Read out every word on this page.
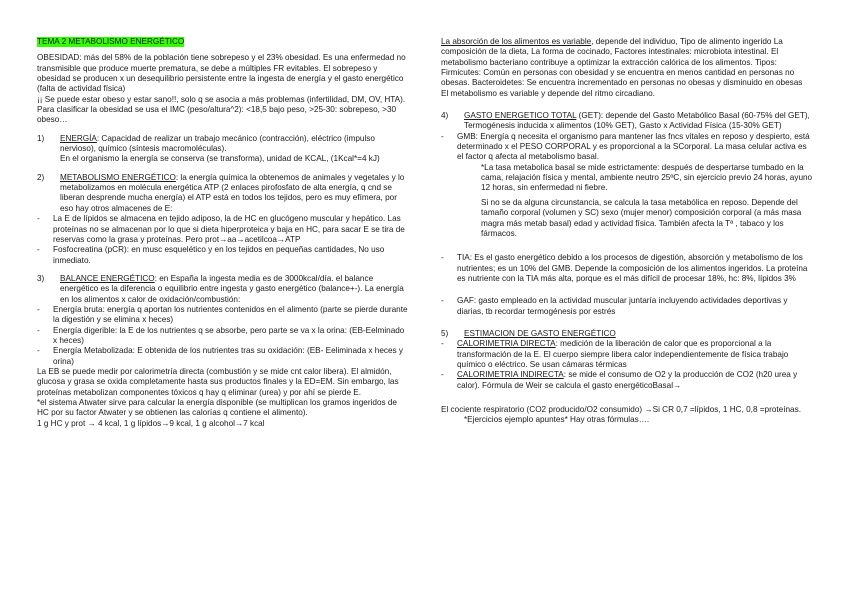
TEMA 2 METABOLISMO ENERGÉTICO

OBESIDAD: más del 58% de la población tiene sobrepeso y el 23% obesidad. Es una enfermedad no transmisible que produce muerte prematura, se debe a múltiples FR evitables. El sobrepeso y obesidad se producen x un desequilibrio persistente entre la ingesta de energía y el gasto energético (falta de actividad física)

¡¡ Se puede estar obeso y estar sano!!, solo q se asocia a más problemas (infertilidad, DM, OV, HTA). Para clasificar la obesidad se usa el IMC (peso/altura^2): <18,5 bajo peso, >25-30: sobrepeso, >30 obeso…

1)	ENERGÍA: Capacidad de realizar un trabajo mecánico (contracción), eléctrico (impulso nervioso), químico (síntesis macromoléculas).

En el organismo la energía se conserva (se transforma), unidad de KCAL, (1Kcal*=4 kJ)

2)	METABOLISMO ENERGÉTICO: la energía química la obtenemos de animales y vegetales y lo metabolizamos en molécula energética ATP (2 enlaces pirofosfato de alta energía, q cnd se liberan desprende mucha energía) el ATP está en todos los tejidos, pero es muy efímera, por eso hay otros almacenes de E:
-	La E de lípidos se almacena en tejido adiposo, la de HC en glucógeno muscular y hepático. Las proteínas no se almacenan por lo que si dieta hiperproteica y baja en HC, para sacar E se tira de reservas como la grasa y proteínas. Pero prot→aa→acetilcoa→ATP
-	Fosfocreatina (pCR): en musc esquelético y en los tejidos en pequeñas cantidades, No uso inmediato.
3)	BALANCE ENERGÉTICO: en España la ingesta media es de 3000kcal/día. el balance energético es la diferencia o equilibrio entre ingesta y gasto energético (balance+-). La energía en los alimentos x calor de oxidación/combustión:
-	Energía bruta: energía q aportan los nutrientes contenidos en el alimento (parte se pierde durante la digestión y se elimina x heces)
-	Energía digerible: la E de los nutrientes q se absorbe, pero parte se va x la orina: (EB-Eelminado x heces)
-	Energía Metabolizada: E obtenida de los nutrientes tras su oxidación: (EB- Eeliminada x heces y orina)

La EB se puede medir por calorimetría directa (combustión y se mide cnt calor libera). El almidón, glucosa y grasa se oxida completamente hasta sus productos finales y la ED=EM. Sin embargo, las proteínas metabolizan componentes tóxicos q hay q eliminar (urea) y por ahí se pierde E.

*el sistema Atwater sirve para calcular la energía disponible (se multiplican los gramos ingeridos de HC por su factor Atwater y se obtienen las calorías q contiene el alimento).

1 g HC y prot → 4 kcal, 1 g lípidos→9 kcal, 1 g alcohol→7 kcal

La absorción de los alimentos es variable, depende del individuo, Tipo de alimento ingerido La composición de la dieta, La forma de cocinado, Factores intestinales: microbiota intestinal. El metabolismo bacteriano contribuye a optimizar la extracción calórica de los alimentos. Tipos: Firmicutes: Común en personas con obesidad y se encuentra en menos cantidad en personas no obesas. Bacteroidetes: Se encuentra incrementado en personas no obesas y disminuido en obesas

El metabolismo es variable y depende del ritmo circadiano.

4)	GASTO ENERGETICO TOTAL (GET): depende del Gasto Metabólico Basal (60-75% del GET), Termogénesis inducida x alimentos (10% GET), Gasto x Actividad Física (15-30% GET)
-	GMB: Energía q necesita el organismo para mantener las fncs vitales en reposo y despierto, está determinado x el PESO CORPORAL y es proporcional a la SCorporal. La masa celular activa es el factor q afecta al metabolismo basal.

*La tasa metabolica basal se mide estrictamente: después de despertarse tumbado en la cama, relajación física y mental, ambiente neutro 25ºC, sin ejercicio previo 24 horas, ayuno 12 horas, sin enfermedad ni fiebre.

Si no se da alguna circunstancia, se calcula la tasa metabólica en reposo. Depende del tamaño corporal (volumen y SC) sexo (mujer menor) composición corporal (a más masa magra más metab basal) edad y actividad física. También afecta la Tª , tabaco y los fármacos.

-	TIA: Es el gasto energético debido a los procesos de digestión, absorción y metabolismo de los nutrientes; es un 10% del GMB. Depende la composición de los alimentos ingeridos. La proteína es nutriente con la TIA más alta, porque es el más difícil de procesar 18%, hc: 8%, lípidos 3%
-	GAF: gasto empleado en la actividad muscular juntaría incluyendo actividades deportivas y diarias, tb recordar termogénesis por estrés
5)	ESTIMACION DE GASTO ENERGÉTICO
-	CALORIMETRIA DIRECTA: medición de la liberación de calor que es proporcional a la transformación de la E. El cuerpo siempre libera calor independientemente de física trabajo químico o eléctrico. Se usan cámaras térmicas
-	CALORIMETRIA INDIRECTA: se mide el consumo de O2 y la producción de CO2 (h20 urea y calor). Fórmula de Weir se calcula el gasto energéticoBasal→

El cociente respiratorio (CO2 producido/O2 consumido) →Si CR 0,7 =lípidos, 1 HC, 0,8 =proteínas.

*Ejercicios ejemplo apuntes* Hay otras fórmulas….
